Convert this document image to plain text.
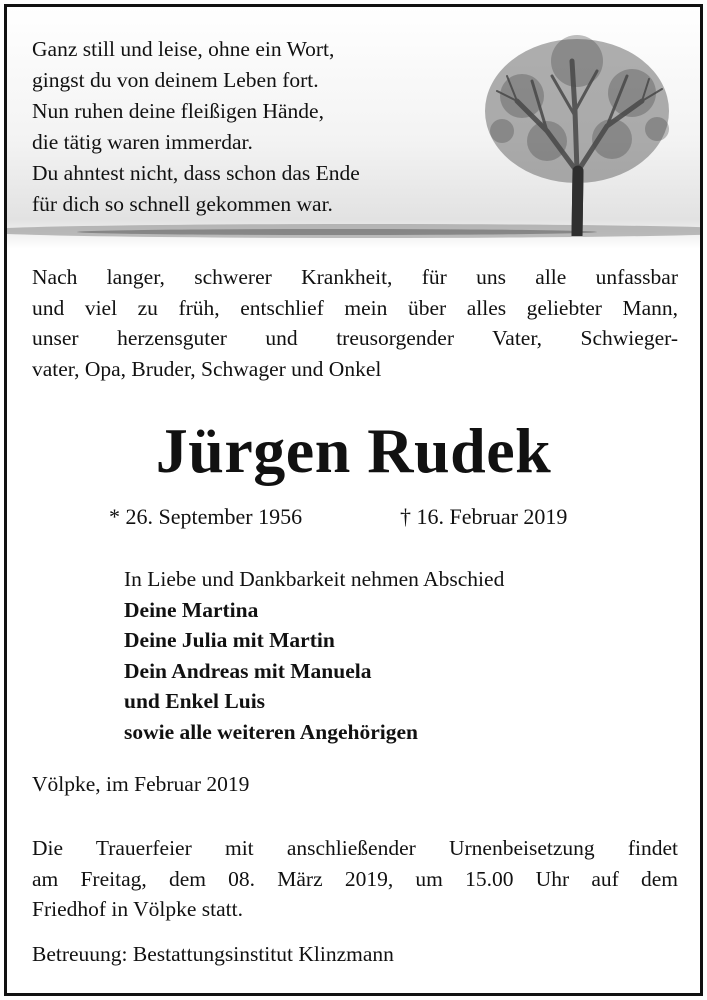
Ganz still und leise, ohne ein Wort,
gingst du von deinem Leben fort.
Nun ruhen deine fleißigen Hände,
die tätig waren immerdar.
Du ahntest nicht, dass schon das Ende
für dich so schnell gekommen war.
Nach langer, schwerer Krankheit, für uns alle unfassbar
und viel zu früh, entschlief mein über alles geliebter Mann,
unser herzensguter und treusorgender Vater, Schwieger-
vater, Opa, Bruder, Schwager und Onkel
Jürgen Rudek
* 26. September 1956	† 16. Februar 2019
In Liebe und Dankbarkeit nehmen Abschied
Deine Martina
Deine Julia mit Martin
Dein Andreas mit Manuela
und Enkel Luis
sowie alle weiteren Angehörigen
Völpke, im Februar 2019
Die Trauerfeier mit anschließender Urnenbeisetzung findet
am Freitag, dem 08. März 2019, um 15.00 Uhr auf dem
Friedhof in Völpke statt.
Betreuung: Bestattungsinstitut Klinzmann
